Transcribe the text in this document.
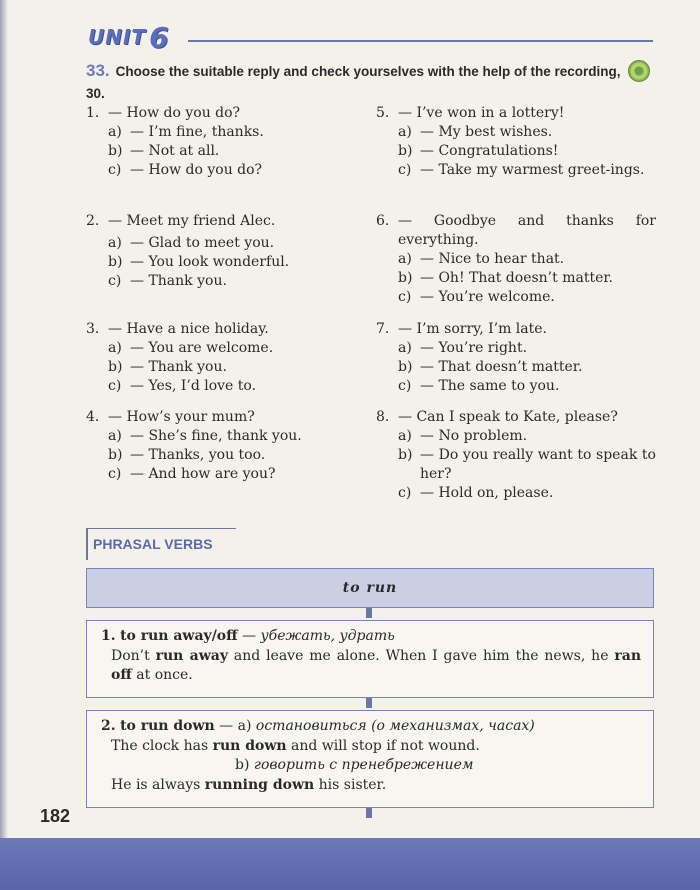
UNIT 6
33. Choose the suitable reply and check yourselves with the help of the recording,  30.
1. — How do you do?
a) — I’m fine, thanks.
b) — Not at all.
c) — How do you do?
2. — Meet my friend Alec.
a) — Glad to meet you.
b) — You look wonderful.
c) — Thank you.
3. — Have a nice holiday.
a) — You are welcome.
b) — Thank you.
c) — Yes, I’d love to.
4. — How’s your mum?
a) — She’s fine, thank you.
b) — Thanks, you too.
c) — And how are you?
5. — I’ve won in a lottery!
a) — My best wishes.
b) — Congratulations!
c) — Take my warmest greet-ings.
6. — Goodbye and thanks for everything.
a) — Nice to hear that.
b) — Oh! That doesn’t matter.
c) — You’re welcome.
7. — I’m sorry, I’m late.
a) — You’re right.
b) — That doesn’t matter.
c) — The same to you.
8. — Can I speak to Kate, please?
a) — No problem.
b) — Do you really want to speak to her?
c) — Hold on, please.
PHRASAL VERBS
to run
1. to run away/off — убежать, удрать

Don’t run away and leave me alone. When I gave him the news, he ran off at once.

2. to run down — a) остановиться (о механизмах, часах)

The clock has run down and will stop if not wound.

b) говорить с пренебрежением

He is always running down his sister.

182
